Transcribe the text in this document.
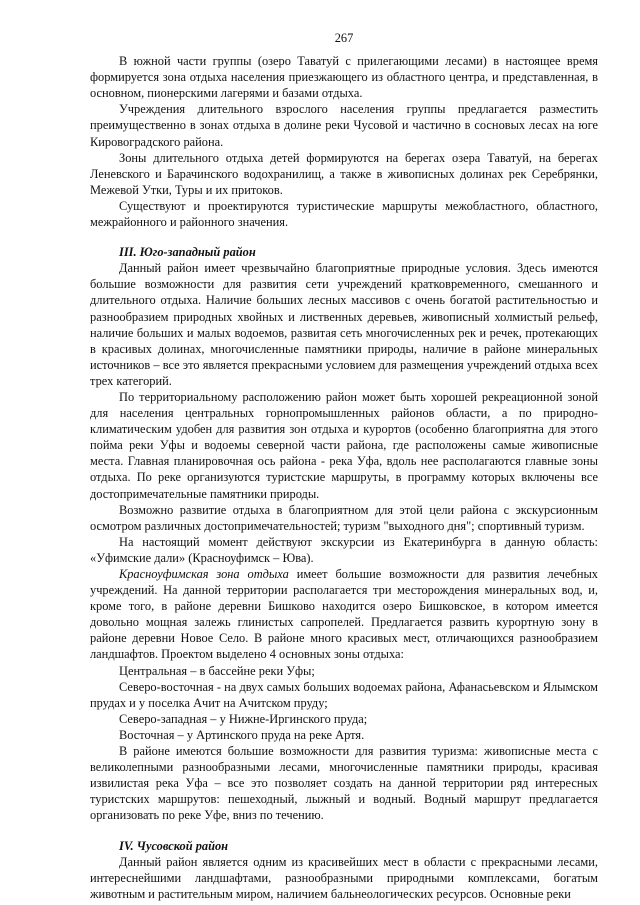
267

В южной части группы (озеро Таватуй с прилегающими лесами) в настоящее время формируется зона отдыха населения приезжающего из областного центра, и представленная, в основном, пионерскими лагерями и базами отдыха.

Учреждения длительного взрослого населения группы предлагается разместить преимущественно в зонах отдыха в долине реки Чусовой и частично в сосновых лесах на юге Кировоградского района.

Зоны длительного отдыха детей формируются на берегах озера Таватуй, на берегах Леневского и Барачинского водохранилищ, а также в живописных долинах рек Серебрянки, Межевой Утки, Туры и их притоков.

Существуют и проектируются туристические маршруты межобластного, областного, межрайонного и районного значения.

III. Юго-западный район

Данный район имеет чрезвычайно благоприятные природные условия. Здесь имеются большие возможности для развития сети учреждений кратковременного, смешанного и длительного отдыха. Наличие больших лесных массивов с очень богатой растительностью и разнообразием природных хвойных и лиственных деревьев, живописный холмистый рельеф, наличие больших и малых водоемов, развитая сеть многочисленных рек и речек, протекающих в красивых долинах, многочисленные памятники природы, наличие в районе минеральных источников – все это является прекрасными условием для размещения учреждений отдыха всех трех категорий.

По территориальному расположению район может быть хорошей рекреационной зоной для населения центральных горнопромышленных районов области, а по природно-климатическим удобен для развития зон отдыха и курортов (особенно благоприятна для этого пойма реки Уфы и водоемы северной части района, где расположены самые живописные места. Главная планировочная ось района - река Уфа, вдоль нее располагаются главные зоны отдыха. По реке организуются туристские маршруты, в программу которых включены все достопримечательные памятники природы.

Возможно развитие отдыха в благоприятном для этой цели района с экскурсионным осмотром различных достопримечательностей; туризм "выходного дня"; спортивный туризм.

На настоящий момент действуют экскурсии из Екатеринбурга в данную область: «Уфимские дали» (Красноуфимск – Юва).

Красноуфимская зона отдыха имеет большие возможности для развития лечебных учреждений. На данной территории располагается три месторождения минеральных вод, и, кроме того, в районе деревни Бишково находится озеро Бишковское, в котором имеется довольно мощная залежь глинистых сапропелей. Предлагается развить курортную зону в районе деревни Новое Село. В районе много красивых мест, отличающихся разнообразием ландшафтов. Проектом выделено 4 основных зоны отдыха:

Центральная – в бассейне реки Уфы;

Северо-восточная - на двух самых больших водоемах района, Афанасьевском и Ялымском прудах и у поселка Ачит на Ачитском пруду;

Северо-западная – у Нижне-Иргинского пруда;

Восточная – у Артинского пруда на реке Артя.

В районе имеются большие возможности для развития туризма: живописные места с великолепными разнообразными лесами, многочисленные памятники природы, красивая извилистая река Уфа – все это позволяет создать на данной территории ряд интересных туристских маршрутов: пешеходный, лыжный и водный. Водный маршрут предлагается организовать по реке Уфе, вниз по течению.

IV. Чусовской район

Данный район является одним из красивейших мест в области с прекрасными лесами, интереснейшими ландшафтами, разнообразными природными комплексами, богатым животным и растительным миром, наличием бальнеологических ресурсов. Основные реки
